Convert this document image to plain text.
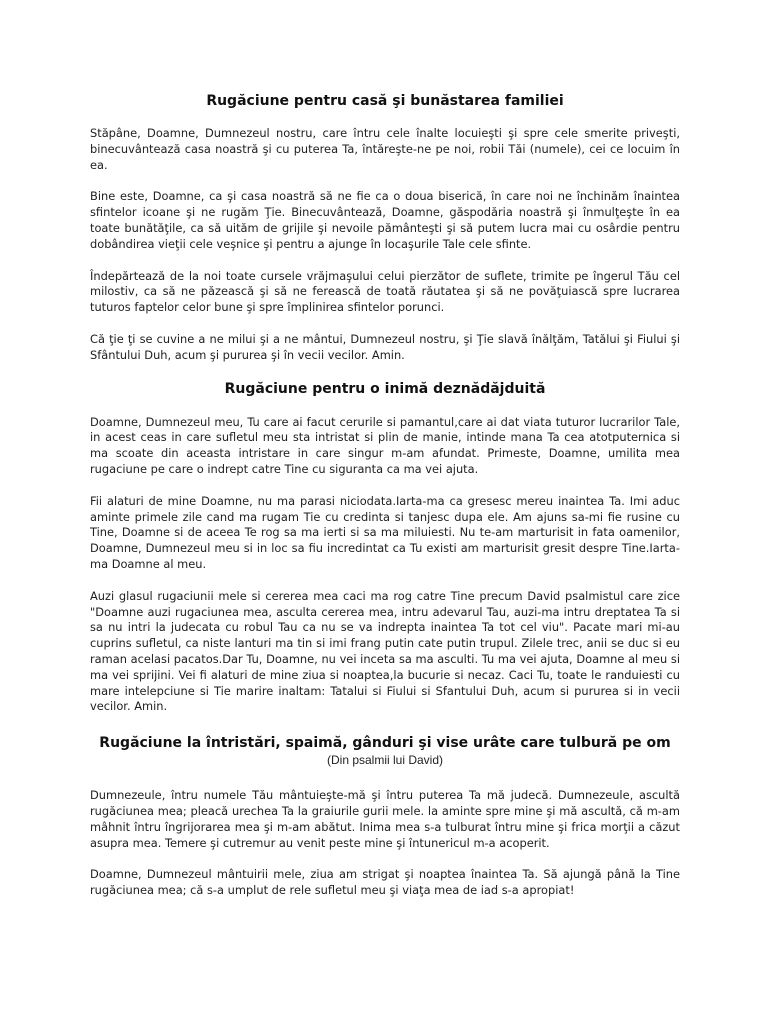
Rugăciune pentru casă şi bunăstarea familiei

Stăpâne, Doamne, Dumnezeul nostru, care întru cele înalte locuieşti şi spre cele smerite priveşti, binecuvântează casa noastră şi cu puterea Ta, întăreşte-ne pe noi, robii Tăi (numele), cei ce locuim în ea.

Bine este, Doamne, ca şi casa noastră să ne fie ca o doua biserică, în care noi ne închinăm înaintea sfintelor icoane şi ne rugăm Ţie. Binecuvântează, Doamne, găspodăria noastră şi înmulţeşte în ea toate bunătăţile, ca să uităm de grijile şi nevoile pământeşti şi să putem lucra mai cu osârdie pentru dobândirea vieţii cele veşnice şi pentru a ajunge în locaşurile Tale cele sfinte.

Îndepărtează de la noi toate cursele vrăjmaşului celui pierzător de suflete, trimite pe îngerul Tău cel milostiv, ca să ne păzească şi să ne ferească de toată răutatea şi să ne povăţuiască spre lucrarea tuturos faptelor celor bune şi spre împlinirea sfintelor porunci.

Că ţie ţi se cuvine a ne milui şi a ne mântui, Dumnezeul nostru, şi Ţie slavă înălţăm, Tatălui şi Fiului şi Sfântului Duh, acum şi pururea şi în vecii vecilor. Amin.

Rugăciune pentru o inimă deznădăjduită

Doamne, Dumnezeul meu, Tu care ai facut cerurile si pamantul,care ai dat viata tuturor lucrarilor Tale, in acest ceas in care sufletul meu sta intristat si plin de manie, intinde mana Ta cea atotputernica si ma scoate din aceasta intristare in care singur m-am afundat. Primeste, Doamne, umilita mea rugaciune pe care o indrept catre Tine cu siguranta ca ma vei ajuta.

Fii alaturi de mine Doamne, nu ma parasi niciodata.Iarta-ma ca gresesc mereu inaintea Ta. Imi aduc aminte primele zile cand ma rugam Tie cu credinta si tanjesc dupa ele. Am ajuns sa-mi fie rusine cu Tine, Doamne si de aceea Te rog sa ma ierti si sa ma miluiesti. Nu te-am marturisit in fata oamenilor, Doamne, Dumnezeul meu si in loc sa fiu incredintat ca Tu existi am marturisit gresit despre Tine.Iarta-ma Doamne al meu.

Auzi glasul rugaciunii mele si cererea mea caci ma rog catre Tine precum David psalmistul care zice "Doamne auzi rugaciunea mea, asculta cererea mea, intru adevarul Tau, auzi-ma intru dreptatea Ta si sa nu intri la judecata cu robul Tau ca nu se va indrepta inaintea Ta tot cel viu". Pacate mari mi-au cuprins sufletul, ca niste lanturi ma tin si imi frang putin cate putin trupul. Zilele trec, anii se duc si eu raman acelasi pacatos.Dar Tu, Doamne, nu vei inceta sa ma asculti. Tu ma vei ajuta, Doamne al meu si ma vei sprijini. Vei fi alaturi de mine ziua si noaptea,la bucurie si necaz. Caci Tu, toate le randuiesti cu mare intelepciune si Tie marire inaltam: Tatalui si Fiului si Sfantului Duh, acum si pururea si in vecii vecilor. Amin.

Rugăciune la întristări, spaimă, gânduri şi vise urâte care tulbură pe om
(Din psalmii lui David)

Dumnezeule, întru numele Tău mântuieşte-mă şi întru puterea Ta mă judecă. Dumnezeule, ascultă rugăciunea mea; pleacă urechea Ta la graiurile gurii mele. la aminte spre mine şi mă ascultă, că m-am mâhnit întru îngrijorarea mea şi m-am abătut. Inima mea s-a tulburat întru mine şi frica morţii a căzut asupra mea. Temere şi cutremur au venit peste mine şi întunericul m-a acoperit.

Doamne, Dumnezeul mântuirii mele, ziua am strigat şi noaptea înaintea Ta. Să ajungă până la Tine rugăciunea mea; că s-a umplut de rele sufletul meu şi viaţa mea de iad s-a apropiat!
